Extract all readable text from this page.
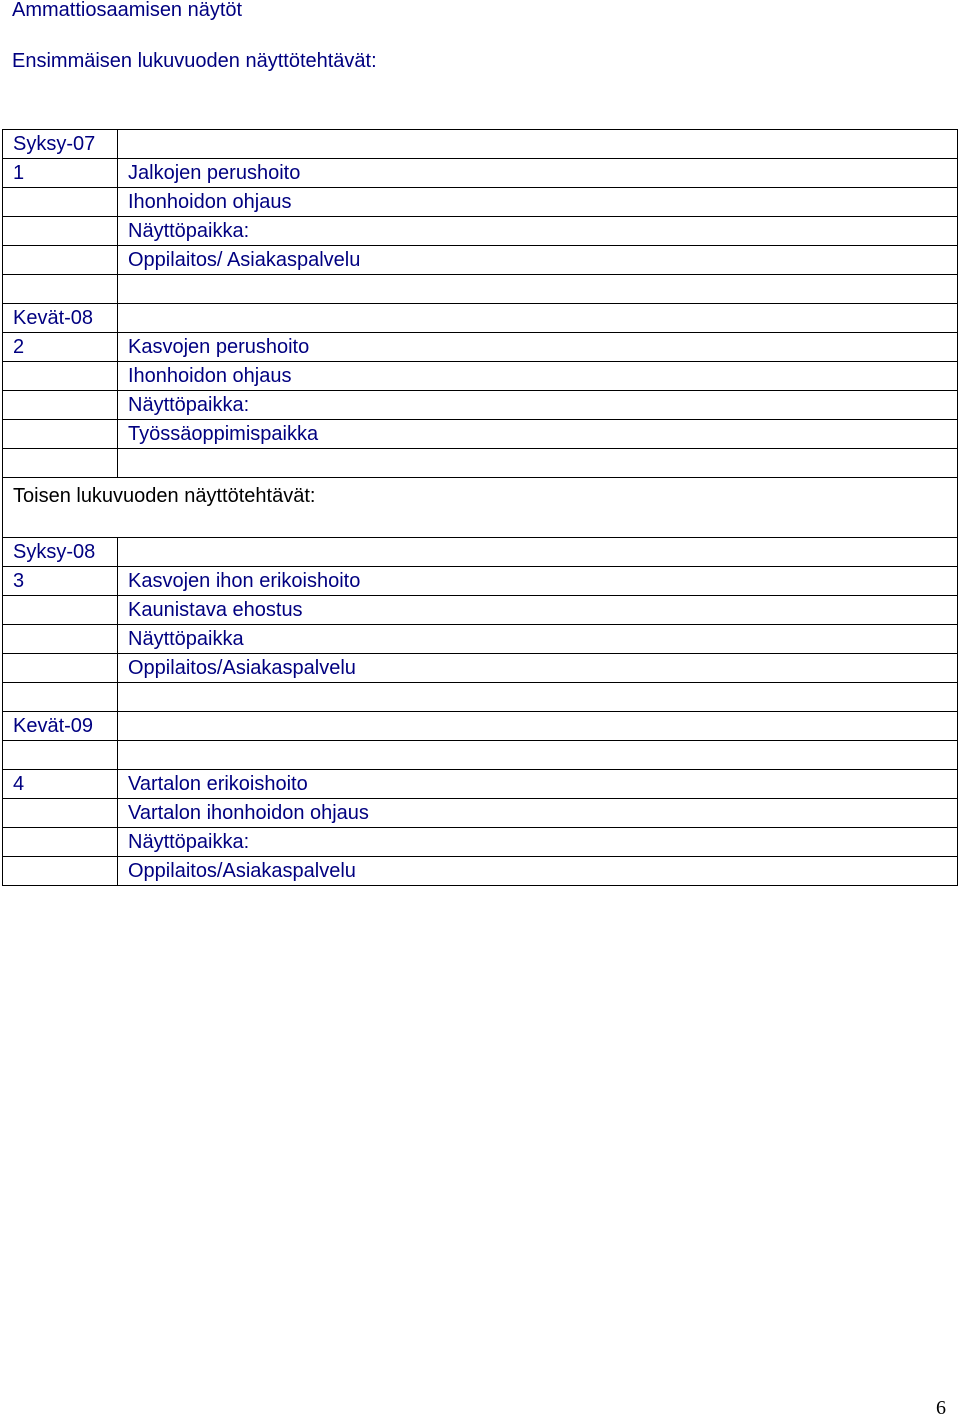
Ammattiosaamisen näytöt
Ensimmäisen lukuvuoden näyttötehtävät:
Syksy-07	
1	Jalkojen perushoito
	Ihonhoidon ohjaus
	Näyttöpaikka:
	Oppilaitos/ Asiakaspalvelu

Kevät-08	
2	Kasvojen perushoito
	Ihonhoidon ohjaus
	Näyttöpaikka:
	Työssäoppimispaikka

Toisen lukuvuoden näyttötehtävät:	
Syksy-08	
3	Kasvojen ihon erikoishoito
	Kaunistava ehostus
	Näyttöpaikka
	Oppilaitos/Asiakaspalvelu

Kevät-09	

4	Vartalon erikoishoito
	Vartalon ihonhoidon ohjaus
	Näyttöpaikka:
	Oppilaitos/Asiakaspalvelu
6
